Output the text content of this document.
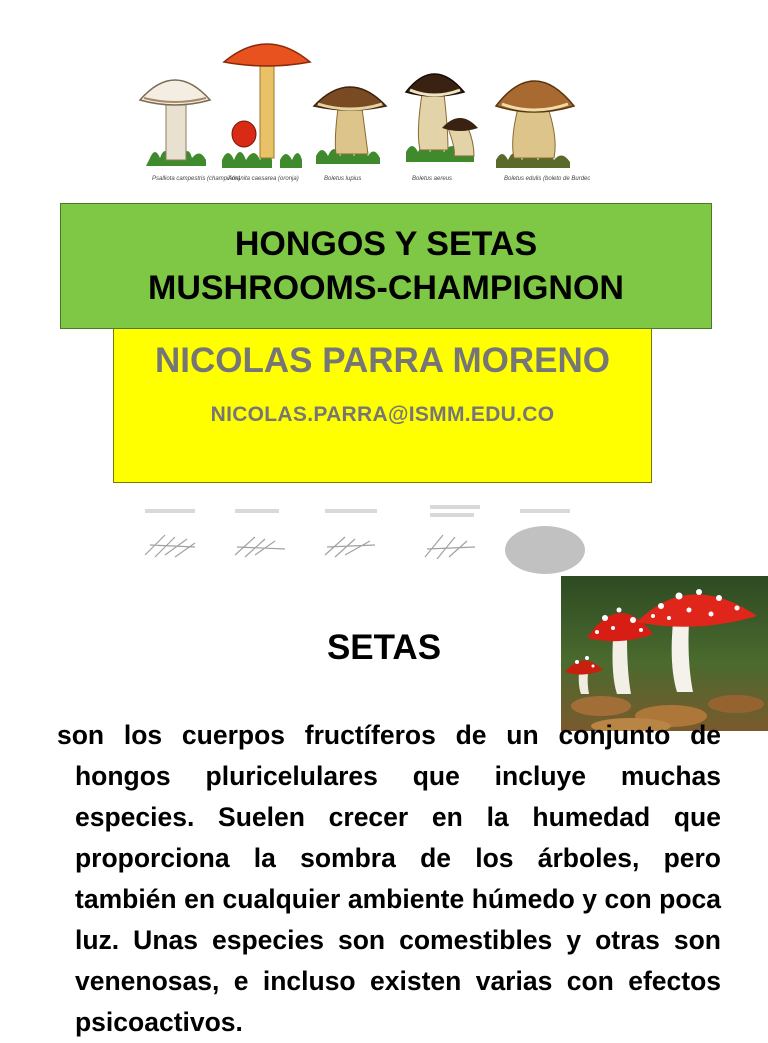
Psalliota campestris (champiñón)
Amanita caesarea (oronja)	Boletus lupius	Boletus aereus	Boletus edulis (boleto de Burdeos)
HONGOS Y SETAS
MUSHROOMS-CHAMPIGNON
NICOLAS PARRA MORENO
NICOLAS.PARRA@ISMM.EDU.CO
SETAS
son los cuerpos fructíferos de un conjunto de hongos pluricelulares que incluye muchas especies. Suelen crecer en la humedad que proporciona la sombra de los árboles, pero también en cualquier ambiente húmedo y con poca luz. Unas especies son comestibles y otras son venenosas, e incluso existen varias con efectos psicoactivos.
